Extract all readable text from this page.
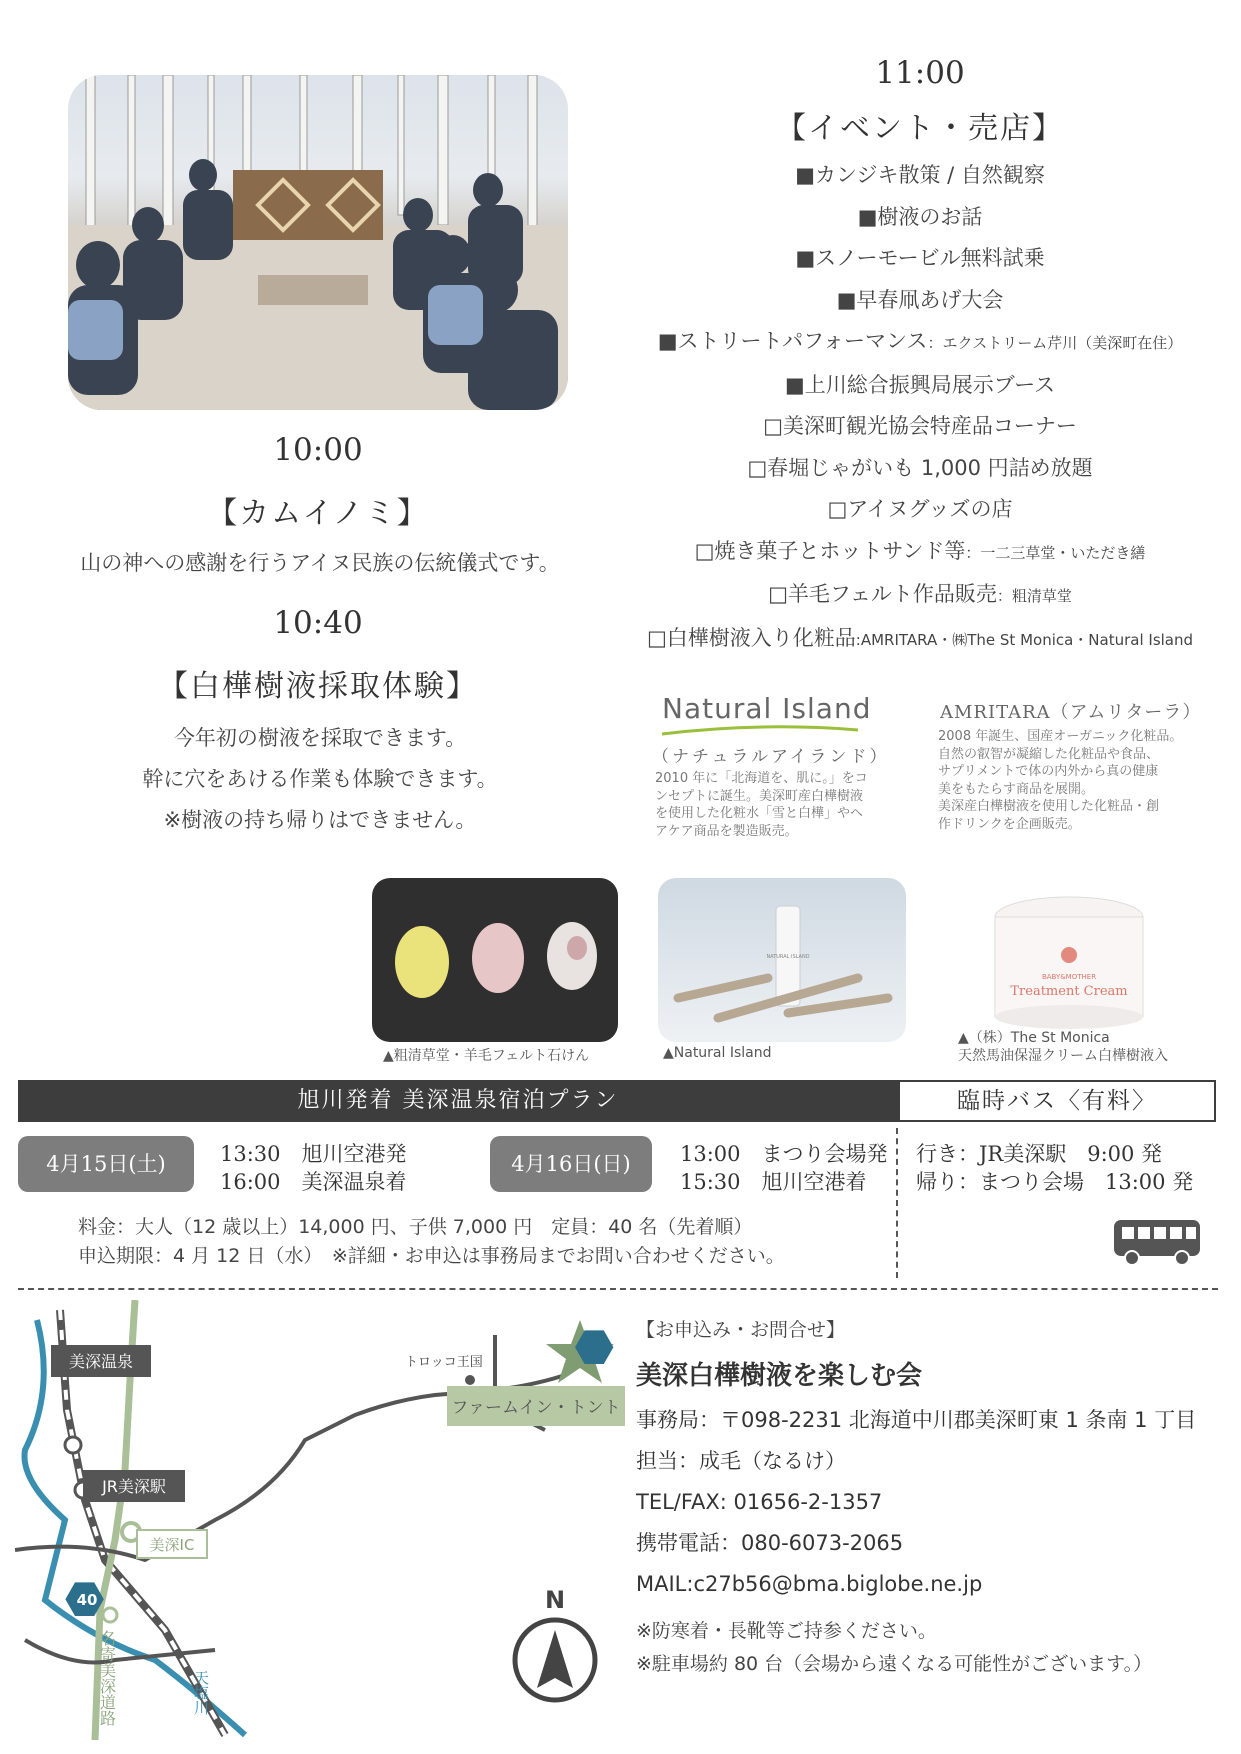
10:00
【カムイノミ】
山の神への感謝を行うアイヌ民族の伝統儀式です。
10:40
【白樺樹液採取体験】
今年初の樹液を採取できます。
幹に穴をあける作業も体験できます。
※樹液の持ち帰りはできません。
11:00
【イベント・売店】
■カンジキ散策 / 自然観察
■樹液のお話
■スノーモービル無料試乗
■早春凧あげ大会
■ストリートパフォーマンス：エクストリーム芹川（美深町在住）
■上川総合振興局展示ブース
□美深町観光協会特産品コーナー
□春堀じゃがいも 1,000 円詰め放題
□アイヌグッズの店
□焼き菓子とホットサンド等：一二三草堂・いただき繕
□羊毛フェルト作品販売：粗清草堂
□白樺樹液入り化粧品:AMRITARA・㈱The St Monica・Natural Island
Natural Island
（ナチュラルアイランド）
2010 年に「北海道を、肌に。」をコ
ンセプトに誕生。美深町産白樺樹液
を使用した化粧水「雪と白樺」やヘ
アケア商品を製造販売。
AMRITARA（アムリターラ）
2008 年誕生、国産オーガニック化粧品。
自然の叡智が凝縮した化粧品や食品、
サプリメントで体の内外から真の健康
美をもたらす商品を展開。
美深産白樺樹液を使用した化粧品・創
作ドリンクを企画販売。
▲粗清草堂・羊毛フェルト石けん
NATURAL ISLAND
▲Natural Island
BABY&MOTHER
Treatment Cream
▲（株）The St Monica
天然馬油保湿クリーム白樺樹液入
旭川発着 美深温泉宿泊プラン	臨時バス〈有料〉
4月15日(土)	13:30　旭川空港発
16:00　美深温泉着
4月16日(日)	13:00　まつり会場発
15:30　旭川空港着
料金：大人（12 歳以上）14,000 円、子供 7,000 円　定員：40 名（先着順）
申込期限：4 月 12 日（水）　※詳細・お申込は事務局までお問い合わせください。
行き：JR美深駅　9:00 発
帰り：まつり会場　13:00 発
美深温泉
JR美深駅
美深IC
トロッコ王国
ファームイン・トント
120
49
40
名寄美深道路	天塩川
N
【お申込み・お問合せ】
美深白樺樹液を楽しむ会
事務局：〒098-2231 北海道中川郡美深町東 1 条南 1 丁目
担当：成毛（なるけ）
TEL/FAX: 01656-2-1357
携帯電話：080-6073-2065
MAIL:c27b56@bma.biglobe.ne.jp
※防寒着・長靴等ご持参ください。
※駐車場約 80 台（会場から遠くなる可能性がございます。）
